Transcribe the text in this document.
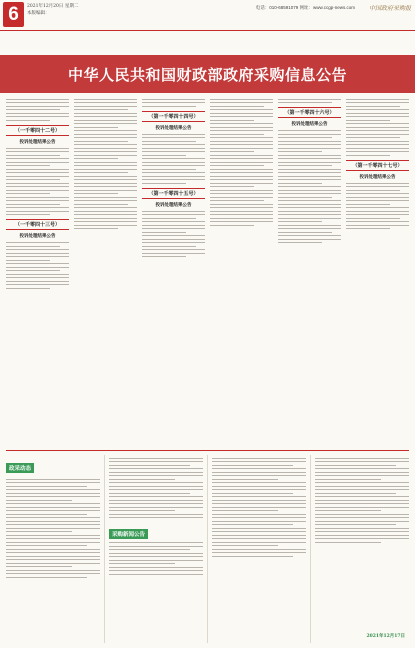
6	2021年12月20日 星期二
本版编辑：
电话：010-68591079 网址：www.ccgp-news.com 中国政府采购报
中华人民共和国财政部政府采购信息公告
（一千零四十二号）
投诉处理结果公告
（一千零四十三号）
投诉处理结果公告
（第一千零四十四号）
投诉处理结果公告
（第一千零四十五号）
投诉处理结果公告
（第一千零四十六号）
投诉处理结果公告
（第一千零四十七号）
投诉处理结果公告
政采动态
采购新闻公告
2021年12月17日
